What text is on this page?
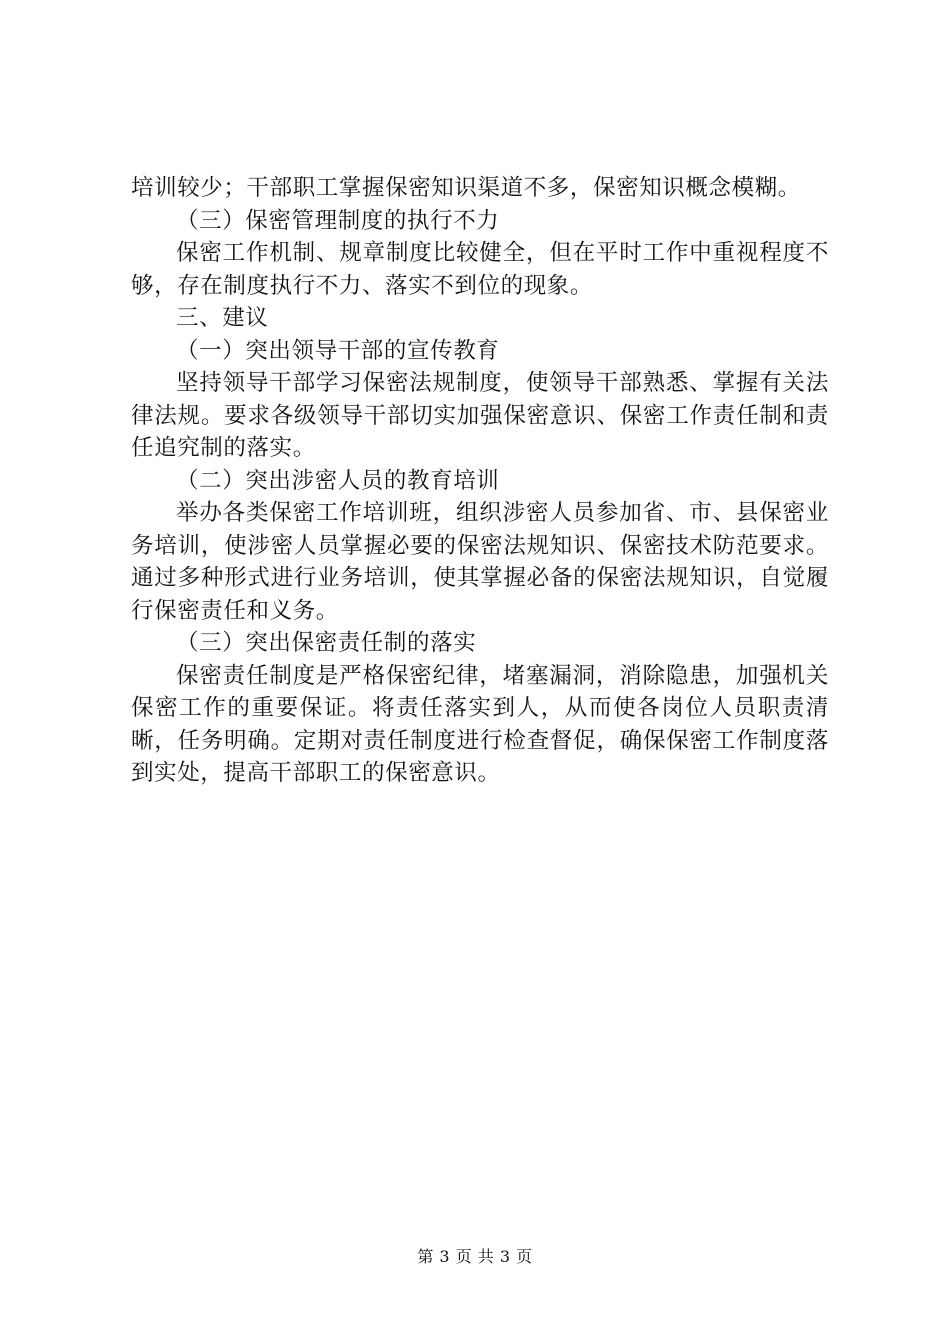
培训较少；干部职工掌握保密知识渠道不多，保密知识概念模糊。

（三）保密管理制度的执行不力

保密工作机制、规章制度比较健全，但在平时工作中重视程度不够，存在制度执行不力、落实不到位的现象。

三、建议

（一）突出领导干部的宣传教育

坚持领导干部学习保密法规制度，使领导干部熟悉、掌握有关法律法规。要求各级领导干部切实加强保密意识、保密工作责任制和责任追究制的落实。

（二）突出涉密人员的教育培训

举办各类保密工作培训班，组织涉密人员参加省、市、县保密业务培训，使涉密人员掌握必要的保密法规知识、保密技术防范要求。通过多种形式进行业务培训，使其掌握必备的保密法规知识，自觉履行保密责任和义务。

（三）突出保密责任制的落实

保密责任制度是严格保密纪律，堵塞漏洞，消除隐患，加强机关保密工作的重要保证。将责任落实到人，从而使各岗位人员职责清晰，任务明确。定期对责任制度进行检查督促，确保保密工作制度落到实处，提高干部职工的保密意识。

第 3 页 共 3 页
